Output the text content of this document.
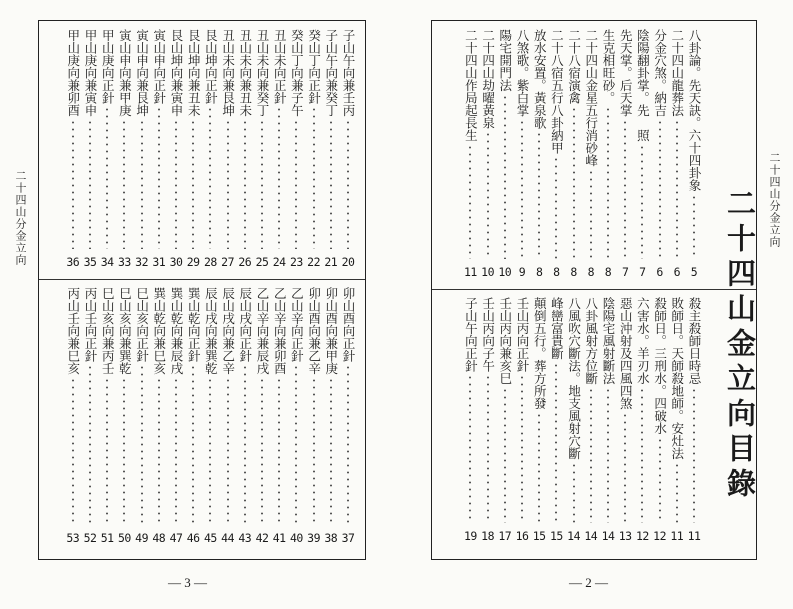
二十四山分金立向
子山午向兼壬丙
20
子山午向兼癸丁
21
癸山丁向正針
22
癸山丁向兼子午
23
丑山未向正針
24
丑山未向兼癸丁
25
丑山未向兼丑未
26
丑山未向兼艮坤
27
艮山坤向正針
28
艮山坤向兼丑未
29
艮山坤向兼寅申
30
寅山申向正針
31
寅山申向兼艮坤
32
寅山申向兼甲庚
33
甲山庚向正針
34
甲山庚向兼寅申
35
甲山庚向兼卯酉
36
卯山酉向正針
37
卯山酉向兼甲庚
38
卯山酉向兼乙辛
39
乙山辛向正針
40
乙山辛向兼卯酉
41
乙山辛向兼辰戌
42
辰山戌向正針
43
辰山戌向兼乙辛
44
辰山戌向兼巽乾
45
巽山乾向正針
46
巽山乾向兼辰戌
47
巽山乾向兼巳亥
48
巳山亥向正針
49
巳山亥向兼巽乾
50
巳山亥向兼丙壬
51
丙山壬向正針
52
丙山壬向兼巳亥
53
— 3 —
二十四山分金立向
八卦論。先天訣。六十四卦象
5
二十四山龍葬法
6
分金穴煞。納吉
6
陰陽翻卦掌。先　照
7
先天掌。后天掌
7
生克相旺砂。
8
二十四山金星五行消砂峰
8
二十八宿演禽
8
二十八宿五行八卦納甲
8
放水安置。黃泉歌
8
八煞歌。紫白掌
9
陽宅開門法
10
二十四山劫曜黃泉
10
二十四山作局起長生
11
殺主殺師日時忌
11
敗師日。天師殺地師。安灶法
11
殺師日。三刑水。四破水
12
六害水。羊刃水
12
惡山沖射及四風四煞
13
陰陽宅風射斷法
14
八卦風射方位斷
14
八風吹穴斷法。地支風射穴斷
14
峰巒富貴斷
15
顛倒五行。葬方所發
15
壬山丙向正針
16
壬山丙向兼亥巳
17
壬山丙向子午
18
子山午向正針
19
二十四山金立向目錄
— 2 —
